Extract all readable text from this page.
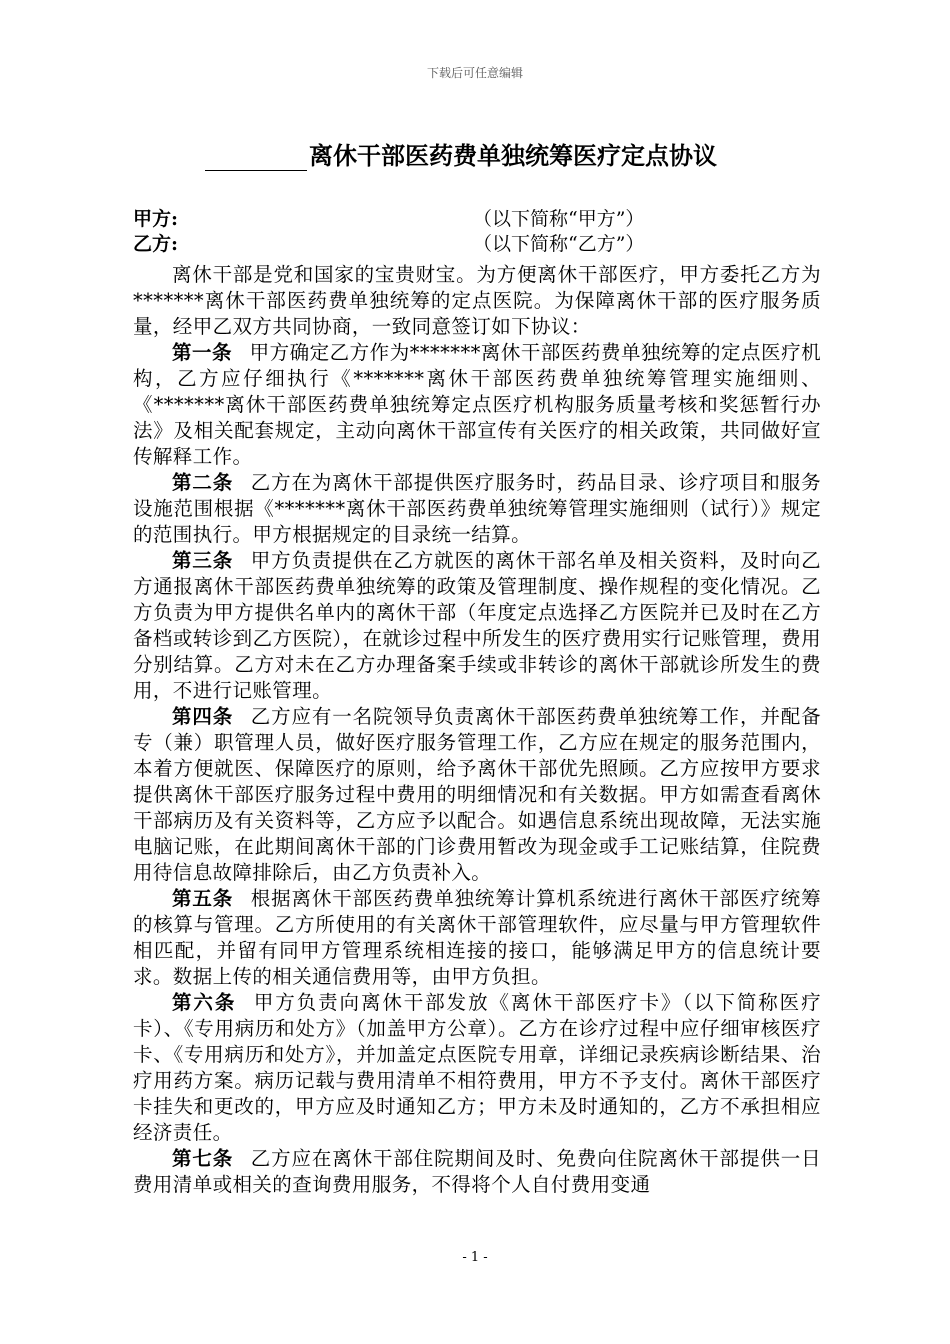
下载后可任意编辑
离休干部医药费单独统筹医疗定点协议
甲方:	（以下简称“甲方”）
乙方:	（以下简称“乙方”）

离休干部是党和国家的宝贵财宝。为方便离休干部医疗，甲方委托乙方为*******离休干部医药费单独统筹的定点医院。为保障离休干部的医疗服务质量，经甲乙双方共同协商，一致同意签订如下协议：

第一条 甲方确定乙方作为*******离休干部医药费单独统筹的定点医疗机构，乙方应仔细执行《*******离休干部医药费单独统筹管理实施细则、《*******离休干部医药费单独统筹定点医疗机构服务质量考核和奖惩暂行办法》及相关配套规定，主动向离休干部宣传有关医疗的相关政策，共同做好宣传解释工作。

第二条 乙方在为离休干部提供医疗服务时，药品目录、诊疗项目和服务设施范围根据《*******离休干部医药费单独统筹管理实施细则（试行）》规定的范围执行。甲方根据规定的目录统一结算。

第三条 甲方负责提供在乙方就医的离休干部名单及相关资料，及时向乙方通报离休干部医药费单独统筹的政策及管理制度、操作规程的变化情况。乙方负责为甲方提供名单内的离休干部（年度定点选择乙方医院并已及时在乙方备档或转诊到乙方医院），在就诊过程中所发生的医疗费用实行记账管理，费用分别结算。乙方对未在乙方办理备案手续或非转诊的离休干部就诊所发生的费用，不进行记账管理。

第四条 乙方应有一名院领导负责离休干部医药费单独统筹工作，并配备专（兼）职管理人员，做好医疗服务管理工作，乙方应在规定的服务范围内，本着方便就医、保障医疗的原则，给予离休干部优先照顾。乙方应按甲方要求提供离休干部医疗服务过程中费用的明细情况和有关数据。甲方如需查看离休干部病历及有关资料等，乙方应予以配合。如遇信息系统出现故障，无法实施电脑记账，在此期间离休干部的门诊费用暂改为现金或手工记账结算，住院费用待信息故障排除后，由乙方负责补入。

第五条 根据离休干部医药费单独统筹计算机系统进行离休干部医疗统筹的核算与管理。乙方所使用的有关离休干部管理软件，应尽量与甲方管理软件相匹配，并留有同甲方管理系统相连接的接口，能够满足甲方的信息统计要求。数据上传的相关通信费用等，由甲方负担。

第六条 甲方负责向离休干部发放《离休干部医疗卡》（以下简称医疗卡）、《专用病历和处方》（加盖甲方公章）。乙方在诊疗过程中应仔细审核医疗卡、《专用病历和处方》，并加盖定点医院专用章，详细记录疾病诊断结果、治疗用药方案。病历记载与费用清单不相符费用，甲方不予支付。离休干部医疗卡挂失和更改的，甲方应及时通知乙方；甲方未及时通知的，乙方不承担相应经济责任。

第七条 乙方应在离休干部住院期间及时、免费向住院离休干部提供一日费用清单或相关的查询费用服务，不得将个人自付费用变通

- 1 -
